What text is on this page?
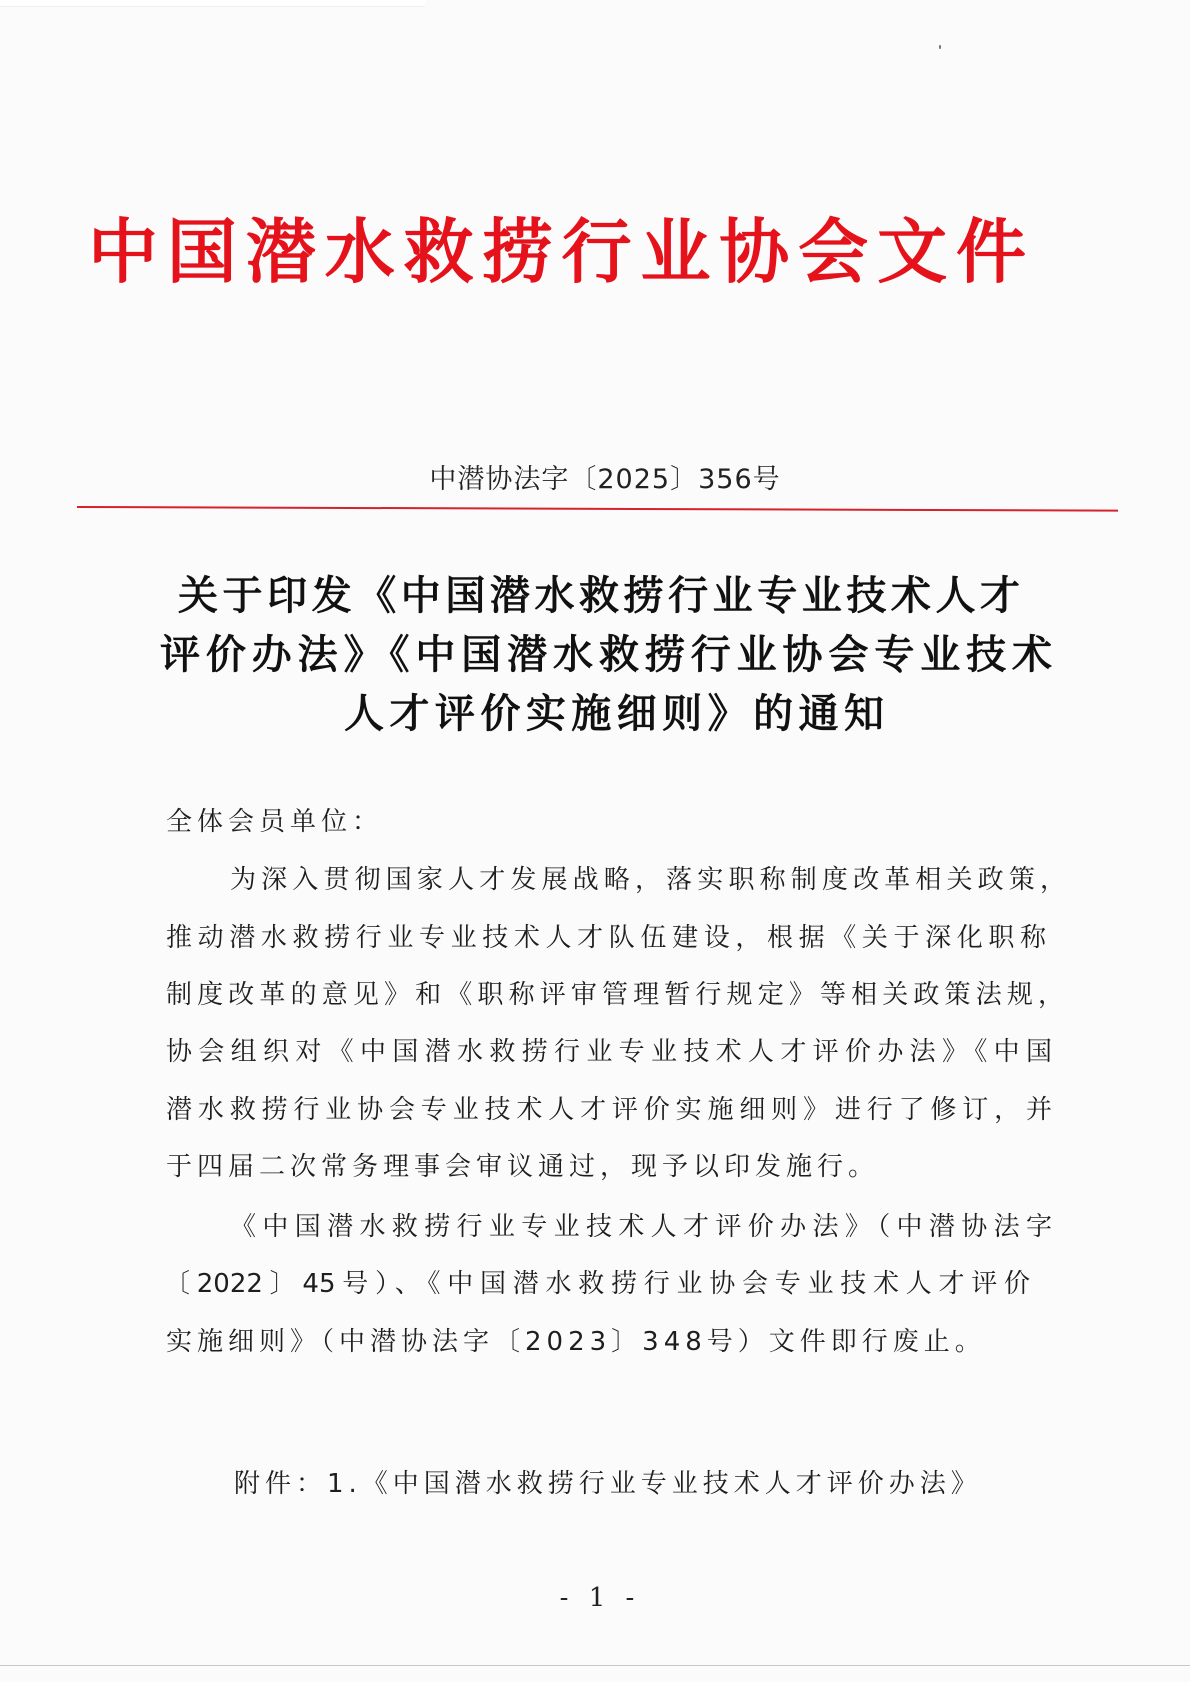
中国潜水救捞行业协会文件
中潜协法字〔2025〕356号
关于印发《中国潜水救捞行业专业技术人才
评价办法》《中国潜水救捞行业协会专业技术
人才评价实施细则》的通知
全体会员单位：
为深入贯彻国家人才发展战略，落实职称制度改革相关政策，
推动潜水救捞行业专业技术人才队伍建设，根据《关于深化职称
制度改革的意见》和《职称评审管理暂行规定》等相关政策法规，
协会组织对《中国潜水救捞行业专业技术人才评价办法》《中国
潜水救捞行业协会专业技术人才评价实施细则》进行了修订，并
于四届二次常务理事会审议通过，现予以印发施行。
《中国潜水救捞行业专业技术人才评价办法》（中潜协法字
〔2022〕45号）、《中国潜水救捞行业协会专业技术人才评价
实施细则》（中潜协法字〔2023〕348号）文件即行废止。
附件：1.《中国潜水救捞行业专业技术人才评价办法》
- 1 -
